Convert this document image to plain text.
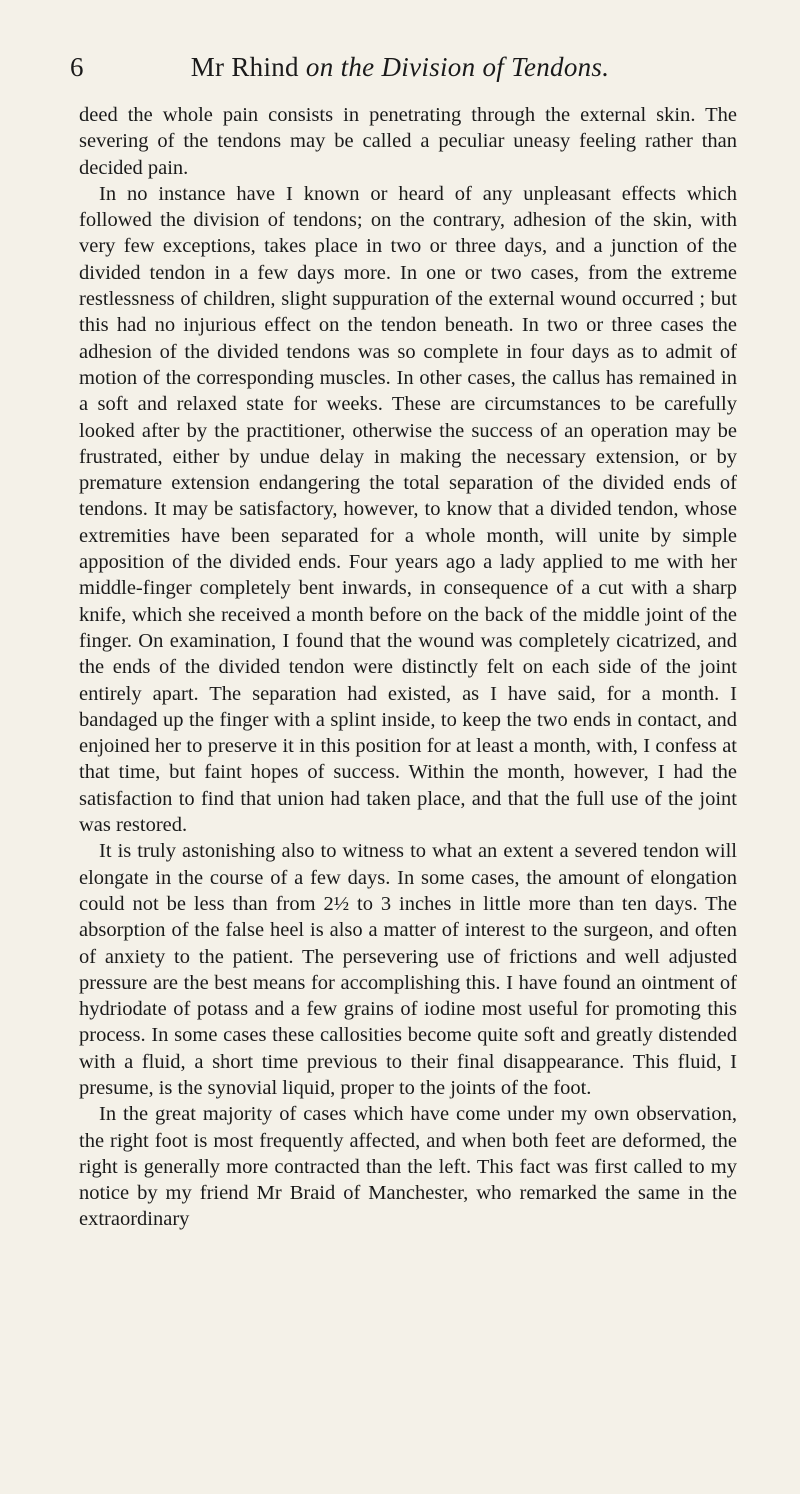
6	Mr Rhind on the Division of Tendons.

deed the whole pain consists in penetrating through the external skin. The severing of the tendons may be called a peculiar uneasy feeling rather than decided pain.

In no instance have I known or heard of any unpleasant effects which followed the division of tendons; on the contrary, adhesion of the skin, with very few exceptions, takes place in two or three days, and a junction of the divided tendon in a few days more. In one or two cases, from the extreme restlessness of children, slight suppuration of the external wound occurred ; but this had no injurious effect on the tendon beneath. In two or three cases the adhesion of the divided tendons was so complete in four days as to admit of motion of the corresponding muscles. In other cases, the callus has remained in a soft and relaxed state for weeks. These are circumstances to be carefully looked after by the practitioner, otherwise the success of an operation may be frustrated, either by undue delay in making the necessary extension, or by premature extension endangering the total separation of the divided ends of tendons. It may be satisfactory, however, to know that a divided tendon, whose extremities have been separated for a whole month, will unite by simple apposition of the divided ends. Four years ago a lady applied to me with her middle-finger completely bent inwards, in consequence of a cut with a sharp knife, which she received a month before on the back of the middle joint of the finger. On examination, I found that the wound was completely cicatrized, and the ends of the divided tendon were distinctly felt on each side of the joint entirely apart. The separation had existed, as I have said, for a month. I bandaged up the finger with a splint inside, to keep the two ends in contact, and enjoined her to preserve it in this position for at least a month, with, I confess at that time, but faint hopes of success. Within the month, however, I had the satisfaction to find that union had taken place, and that the full use of the joint was restored.

It is truly astonishing also to witness to what an extent a severed tendon will elongate in the course of a few days. In some cases, the amount of elongation could not be less than from 2½ to 3 inches in little more than ten days. The absorption of the false heel is also a matter of interest to the surgeon, and often of anxiety to the patient. The persevering use of frictions and well adjusted pressure are the best means for accomplishing this. I have found an ointment of hydriodate of potass and a few grains of iodine most useful for promoting this process. In some cases these callosities become quite soft and greatly distended with a fluid, a short time previous to their final disappearance. This fluid, I presume, is the synovial liquid, proper to the joints of the foot.

In the great majority of cases which have come under my own observation, the right foot is most frequently affected, and when both feet are deformed, the right is generally more contracted than the left. This fact was first called to my notice by my friend Mr Braid of Manchester, who remarked the same in the extraordinary
